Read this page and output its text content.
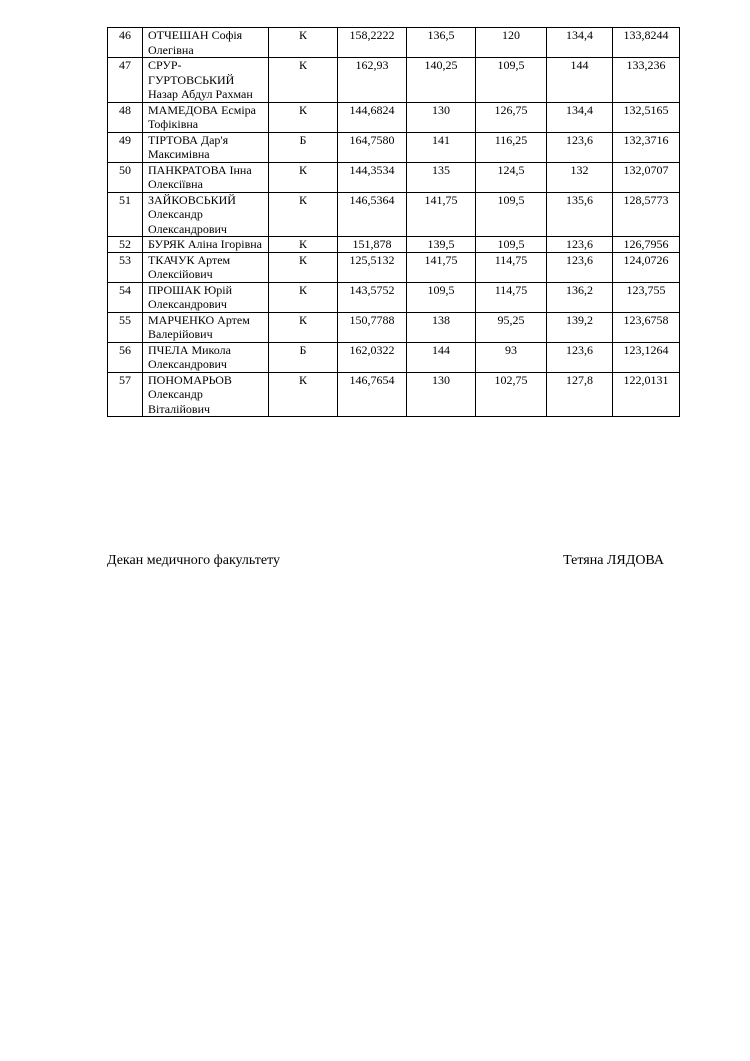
46	ОТЧЕШАН Софія Олегівна	К	158,2222	136,5	120	134,4	133,8244
47	СРУР-ГУРТОВСЬКИЙ Назар Абдул Рахман	К	162,93	140,25	109,5	144	133,236
48	МАМЕДОВА Есміра Тофіківна	К	144,6824	130	126,75	134,4	132,5165
49	ТІРТОВА Дар'я Максимівна	Б	164,7580	141	116,25	123,6	132,3716
50	ПАНКРАТОВА Інна Олексіївна	К	144,3534	135	124,5	132	132,0707
51	ЗАЙКОВСЬКИЙ Олександр Олександрович	К	146,5364	141,75	109,5	135,6	128,5773
52	БУРЯК Аліна Ігорівна	К	151,878	139,5	109,5	123,6	126,7956
53	ТКАЧУК Артем Олексійович	К	125,5132	141,75	114,75	123,6	124,0726
54	ПРОШАК Юрій Олександрович	К	143,5752	109,5	114,75	136,2	123,755
55	МАРЧЕНКО Артем Валерійович	К	150,7788	138	95,25	139,2	123,6758
56	ПЧЕЛА Микола Олександрович	Б	162,0322	144	93	123,6	123,1264
57	ПОНОМАРЬОВ Олександр Віталійович	К	146,7654	130	102,75	127,8	122,0131
Декан медичного факультету	Тетяна ЛЯДОВА
